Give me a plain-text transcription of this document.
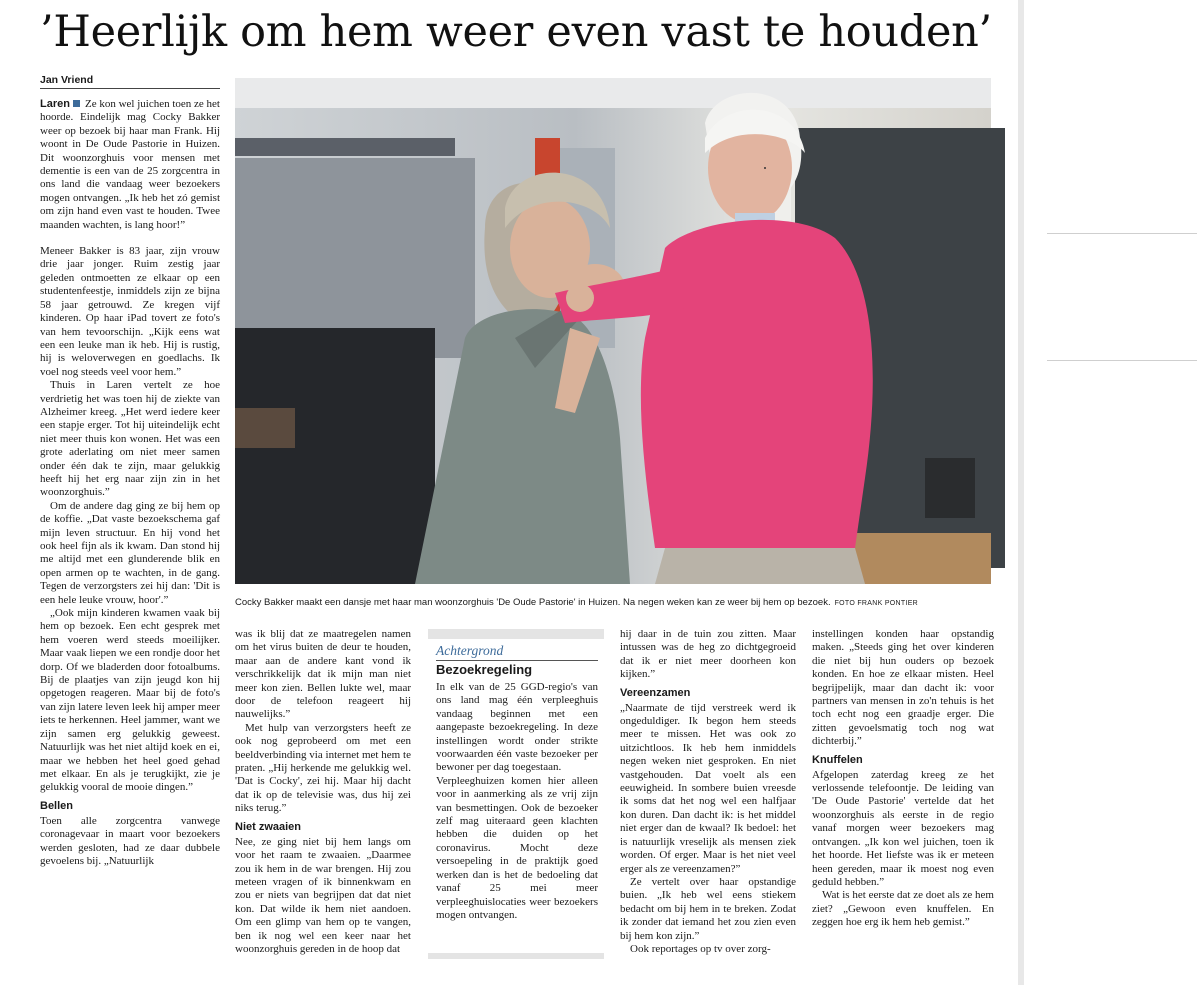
’Heerlijk om hem weer even vast te houden’
Jan Vriend

Laren Ze kon wel juichen toen ze het hoorde. Eindelijk mag Cocky Bakker weer op bezoek bij haar man Frank. Hij woont in De Oude Pastorie in Huizen. Dit woonzorghuis voor mensen met dementie is een van de 25 zorgcentra in ons land die vandaag weer bezoekers mogen ontvangen. „Ik heb het zó gemist om zijn hand even vast te houden. Twee maanden wachten, is lang hoor!”

Meneer Bakker is 83 jaar, zijn vrouw drie jaar jonger. Ruim zestig jaar geleden ontmoetten ze elkaar op een studentenfeestje, inmiddels zijn ze bijna 58 jaar getrouwd. Ze kregen vijf kinderen. Op haar iPad tovert ze foto's van hem tevoorschijn. „Kijk eens wat een een leuke man ik heb. Hij is rustig, hij is weloverwegen en goedlachs. Ik voel nog steeds veel voor hem.”

Thuis in Laren vertelt ze hoe verdrietig het was toen hij de ziekte van Alzheimer kreeg. „Het werd iedere keer een stapje erger. Tot hij uiteindelijk echt niet meer thuis kon wonen. Het was een grote aderlating om niet meer samen onder één dak te zijn, maar gelukkig heeft hij het erg naar zijn zin in het woonzorghuis.”

Om de andere dag ging ze bij hem op de koffie. „Dat vaste bezoekschema gaf mijn leven structuur. En hij vond het ook heel fijn als ik kwam. Dan stond hij me altijd met een glunderende blik en open armen op te wachten, in de gang. Tegen de verzorgsters zei hij dan: 'Dit is een hele leuke vrouw, hoor'.”

„Ook mijn kinderen kwamen vaak bij hem op bezoek. Een echt gesprek met hem voeren werd steeds moeilijker. Maar vaak liepen we een rondje door het dorp. Of we bladerden door fotoalbums. Bij de plaatjes van zijn jeugd kon hij opgetogen reageren. Maar bij de foto's van zijn latere leven leek hij amper meer iets te herkennen. Heel jammer, want we zijn samen erg gelukkig geweest. Natuurlijk was het niet altijd koek en ei, maar we hebben het heel goed gehad met elkaar. En als je terugkijkt, zie je gelukkig vooral de mooie dingen.”

Bellen

Toen alle zorgcentra vanwege coronagevaar in maart voor bezoekers werden gesloten, had ze daar dubbele gevoelens bij. „Natuurlijk

Na twee maanden weer naar haar man in woonzorghuis
Cocky Bakker maakt een dansje met haar man woonzorghuis 'De Oude Pastorie' in Huizen. Na negen weken kan ze weer bij hem op bezoek. FOTO FRANK PONTIER

was ik blij dat ze maatregelen namen om het virus buiten de deur te houden, maar aan de andere kant vond ik verschrikkelijk dat ik mijn man niet meer kon zien. Bellen lukte wel, maar door de telefoon reageert hij nauwelijks.”

Met hulp van verzorgsters heeft ze ook nog geprobeerd om met een beeldverbinding via internet met hem te praten. „Hij herkende me gelukkig wel. 'Dat is Cocky', zei hij. Maar hij dacht dat ik op de televisie was, dus hij zei niks terug.”

Niet zwaaien

Nee, ze ging niet bij hem langs om voor het raam te zwaaien. „Daarmee zou ik hem in de war brengen. Hij zou meteen vragen of ik binnenkwam en zou er niets van begrijpen dat dat niet kon. Dat wilde ik hem niet aandoen. Om een glimp van hem op te vangen, ben ik nog wel een keer naar het woonzorghuis gereden in de hoop dat

Achtergrond
Bezoekregeling

In elk van de 25 GGD-regio's van ons land mag één verpleeghuis vandaag beginnen met een aangepaste bezoekregeling. In deze instellingen wordt onder strikte voorwaarden één vaste bezoeker per bewoner per dag toegestaan.

Verpleeghuizen komen hier alleen voor in aanmerking als ze vrij zijn van besmettingen. Ook de bezoeker zelf mag uiteraard geen klachten hebben die duiden op het coronavirus. Mocht deze versoepeling in de praktijk goed werken dan is het de bedoeling dat vanaf 25 mei meer verpleeghuislocaties weer bezoekers mogen ontvangen.

hij daar in de tuin zou zitten. Maar intussen was de heg zo dichtgegroeid dat ik er niet meer doorheen kon kijken.”

Vereenzamen

„Naarmate de tijd verstreek werd ik ongeduldiger. Ik begon hem steeds meer te missen. Het was ook zo uitzichtloos. Ik heb hem inmiddels negen weken niet gesproken. En niet vastgehouden. Dat voelt als een eeuwigheid. In sombere buien vreesde ik soms dat het nog wel een halfjaar kon duren. Dan dacht ik: is het middel niet erger dan de kwaal? Ik bedoel: het is natuurlijk vreselijk als mensen ziek worden. Of erger. Maar is het niet veel erger als ze vereenzamen?”

Ze vertelt over haar opstandige buien. „Ik heb wel eens stiekem bedacht om bij hem in te breken. Zodat ik zonder dat iemand het zou zien even bij hem kon zijn.”

Ook reportages op tv over zorg-

instellingen konden haar opstandig maken. „Steeds ging het over kinderen die niet bij hun ouders op bezoek konden. En hoe ze elkaar misten. Heel begrijpelijk, maar dan dacht ik: voor partners van mensen in zo'n tehuis is het toch echt nog een graadje erger. Die zitten gevoelsmatig toch nog wat dichterbij.”

Knuffelen

Afgelopen zaterdag kreeg ze het verlossende telefoontje. De leiding van 'De Oude Pastorie' vertelde dat het woonzorghuis als eerste in de regio vanaf morgen weer bezoekers mag ontvangen. „Ik kon wel juichen, toen ik het hoorde. Het liefste was ik er meteen heen gereden, maar ik moest nog even geduld hebben.”

Wat is het eerste dat ze doet als ze hem ziet? „Gewoon even knuffelen. En zeggen hoe erg ik hem heb gemist.”
